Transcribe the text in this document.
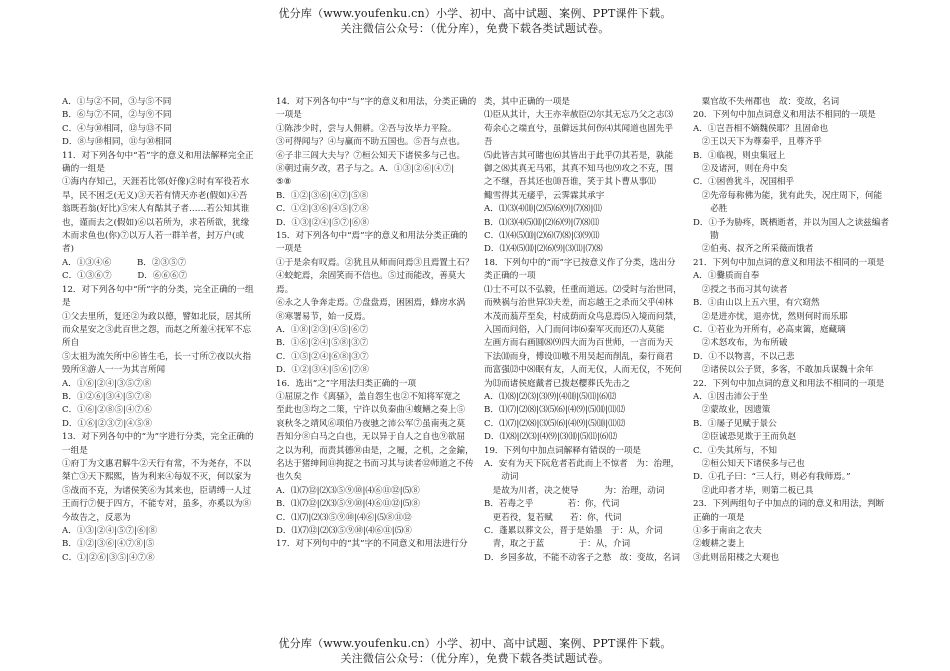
优分库（www.youfenku.cn）小学、初中、高中试题、案例、PPT课件下载。
关注微信公众号：（优分库），免费下载各类试题试卷。
A．①与②不同，③与⑤不同
B．⑥与⑦不同，②与⑨不同
C．④与⑩相同，⑫与⑬不同
D．⑧与⑩相同，⑪与⑩相同
11．对下列各句中“若”字的意义和用法解释完全正
确的一组是
①海内存知己，天涯若比邻(好像)②时有军役若水
旱，民不困乏(无义)③天若有情天亦老(假如)④吾
翁既若翁(好比)⑤宋人有酤其子者……若公知其谁
也，谨而去之(假如)⑥以若所为，求若所欲，犹缘
木而求鱼也(你)⑦以万人若一群羊者，封万户(或
者)
A．①③④⑥　　　B．②③⑤⑦
C．①③⑥⑦　　　D．⑥⑥⑥⑦
12．对下列各句中“所”字的分类，完全正确的一组
是
①父去里所，复还②为政以德，譬如北辰，居其所
而众星安之③此百世之怨，而赵之所羞④抚军不忘
所自
⑤太祖为流矢所中⑥皆生毛，长一寸所⑦夜以火指
毁所⑧游人一一为其言所闻
A．①⑥|②④|③⑤⑦⑧
B．①②⑥|③④|⑤⑦⑧
C．①⑥|②⑧⑤|④⑦⑥
D．①⑥|②③⑦|④⑤⑧
13．对下列各句中的“为”字进行分类，完全正确的
一组是
①府丁为文惠君解牛②天行有常，不为尧存，不以
桀亡③天下熙熙，皆为利来④每奴不灭，何以家为
⑤战而不克，为诸侯笑⑥为其来也，臣请缚一人过
王而行⑦便于四方，不能专对，虽多，亦奚以为⑧
今故告之，反恶为
A．①③|②④|⑤⑦|⑥|⑧
B．①②|③⑥|④⑦⑧|⑤
C．①|②⑥|③⑤|④⑦⑧
14．对下列各句中“与”字的意义和用法，分类正确的
一项是
①陈涉少时，尝与人佣耕。②吾与汝毕力平险。
③可得闻与？④与赢而不助五国也。⑤吾与点也。
⑥子非三闾大夫与？⑦桓公知天下诸侯多与己也。
⑧朝过南夕改，君子与之。A．①③|②⑥|④⑦|
⑤⑧
B．①②|③⑥|④⑦|⑤⑧
C．①②|③⑥|④⑤|⑦⑧
D．①③|②④|⑤⑦|⑥⑧
15．对下列各句中“焉”字的意义和用法分类正确的
一项是
①于是余有叹焉。②犹且从师而问焉③且焉置土石？
④蛟蛇焉，余固笑而不信也。⑤过而能改，善莫大
焉。
⑥永之人争奔走焉。⑦盘盘焉，困困焉，蜂房水涡
⑧寒署易节，始一反焉。
A．①⑧|②③|④⑤|⑥⑦
B．①⑥|②④|⑤⑧|③⑦
C．①⑤|②④|⑥⑧|③⑦
D．①②|③④|⑤⑥|⑦⑧
16．选出“之”字用法归类正确的一项
①屈原之作《离骚》，盖自怨生也②不知将军宽之
至此也③均之二策，宁许以负秦曲④蝮鳝之奏上⑤
哀秋冬之靖风⑥项伯乃夜驰之沛公军⑦虽南夷之莫
吾知分⑧白马之白也，无以异于自人之自也⑨欲屈
之以为利，而责其德⑩由是，之履，之机，之金鍮，
名达于猪绅间⑪拘捉之书而习其与读者⑫师道之不传
也久矣
A．⑴⑺⑫|⑵⑶⑤⑨⑩|⑷⑥⑪⑫|⑸⑧
B．⑴⑺⑫|⑵⑶⑤⑨⑩|⑷⑥⑪⑫|⑸⑧
C．⑴⑺|⑵⑶⑤⑨⑩|⑷⑥|⑸⑧⑪⑫
D．⑴⑺⑫|⑵⑶⑤⑨⑩|⑷⑥⑪|⑸⑧
17．对下列句中的“其”字的不同意义和用法进行分
类，其中正确的一项是
⑴臣从其计，大王亦幸赦臣⑵尔其无忘乃父之志⑶
苟余心之端直兮，虽僻远其何伤⑷其闻道也固先乎
吾
⑸此皆吉其可睹也⑹其皆出于此乎⑺其若是，孰能
御之⑻其真无马邪，其真不知马也⑼攻之不克，围
之不继，吾其还也⑽吾谁，笑于其卜曹从事⑾
鲰雪得其无痿乎，云霁霖其承宇
A．⑴⑶⑷⑽|⑵⑸⑹⑼|⑺⑻|⑾
B．⑴⑶⑷⑸⑽|⑵⑹⑼|⑺⑻⑾
C．⑴⑷⑸⑽|⑵⑹⑺⑻|⑶⑼⑾
D．⑴⑷⑸⑽|⑵⑹⑼|⑶⑾|⑺⑻
18．下列句中的“而”字已按意义作了分类，选出分
类正确的一项
⑴士不可以不弘毅，任重而道远。⑵受时与治世同，
而殃祸与治世异⑶夫差，而忘越王之杀而父乎⑷林
木茂而蓊芹至矣，村成荫而众鸟息焉⑸入境而问禁，
入国而问俗，入门而问讳⑹秦军灭而还⑺人莫能
左画方而右画圆⑻⑼四大而为百世师，一言而为天
下法⑽而身，傅设⑾嗷不用吴起而削乱，秦行商君
而富强⑿中⑻眠有友，人而无仪，人而无仪，不死何
为⒀而诸侯庭戴者已拨赵樱葬氏先击之
A．⑴⑻|⑵⑶|⑶⑼|⑷⑽|⑸⑾|⑹⑿
B．⑴⑺|⑵⑻|⑶⑸⑹|⑷⑼|⑸⑽|⑾⑿
C．⑴⑺|⑵⑻|⑶⑸⑹|⑷⑼|⑸⑽|⑾⑿
D．⑴⑻|⑵⑶|⑷⑼|⑶⑽|⑸⑾|⑹⑿
19．下列句中加点词解释有错误的一项是
A．安有为天下阮危者若此而上不惊者　为：治理，
　　动词
　是故为川者，决之使导　　　为：治理，动词
B．若毒之乎　　　　若：你，代词
　更若役，复若赋　　若：你，代词
C．蓬累以葬文公，晋于是始墨　于：从，介词
　青，取之于蓝　　　　于：从，介词
D．乡园多故，不能不动客子之愁　故：变故，名词
　粟官故不失州郡也　故：变故，名词
20．下列句中加点词意义和用法不相同的一项是
A．①岂吾相不嫡魏侯耶？且固命也
　②王以天下为尊秦乎，且尊齐乎
B．①临视，则虫集冠上
　②及诸河，则在舟中矣
C．①困兽犹斗，况国相乎
　②先帝每称佛为能，犹有此失，况庄周下，何能
　　必胜
D．①予为胁疼，既栖逝者，并以为国人之读兹编者
　　勖
　②伯夷、叔齐之所采薇而饿者
21．下列句中加点词的意义和用法不相同的一项是
A．①爨质而自奉
　②授之书而习其句读者
B．①由山以上五六里，有穴窈然
　②是进亦忧，退亦忧，然则何时而乐耶
C．①若业为开所有，必高束篱，庭藏璃
　②术怒攻布，为布所破
D．①不以物喜，不以己悲
　②诸侯以公子贤，多客，不敢加兵谋魏十余年
22．下列句中加点词的意义和用法不相同的一项是
A．①因击沛公于坐
　②蒙故业，因遗策
B．①屡子见赋于景公
　②臣诚恐见欺于王而负赵
C．①失其所与，不知
　②桓公知天下诸侯多与己也
D．①孔子曰：“三人行，则必有我师焉。”
　②此印者才毕，则第二板已具
23．下列两组句子中加点的词的意义和用法，判断
正确的一项是
①多于南亩之农夫
②蝮耕之妻上
③此则岳阳楼之大观也
优分库（www.youfenku.cn）小学、初中、高中试题、案例、PPT课件下载。
关注微信公众号：（优分库），免费下载各类试题试卷。
